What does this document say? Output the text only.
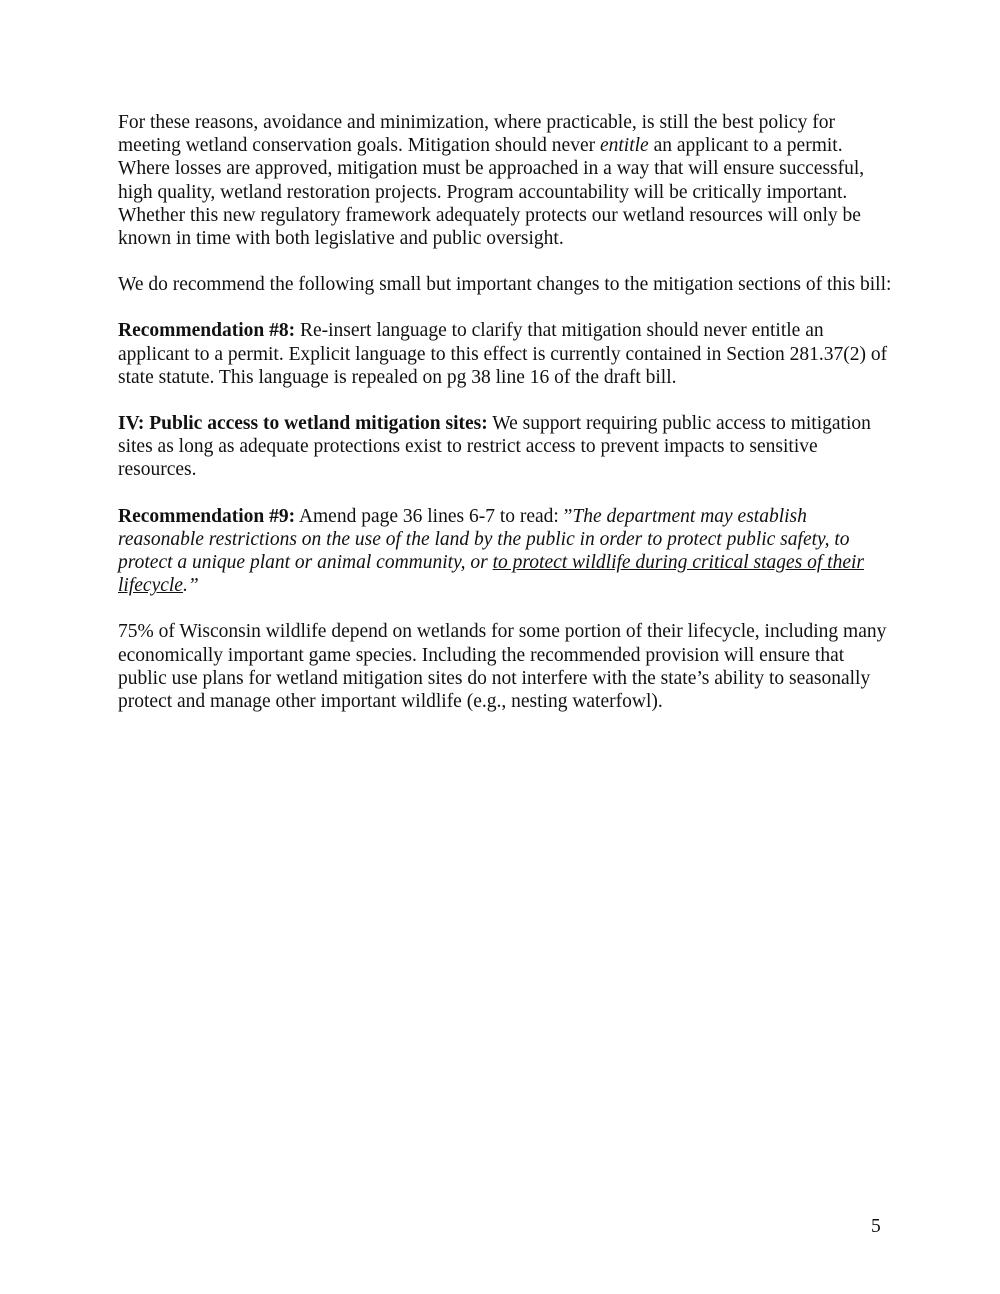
For these reasons, avoidance and minimization, where practicable, is still the best policy for meeting wetland conservation goals. Mitigation should never entitle an applicant to a permit. Where losses are approved, mitigation must be approached in a way that will ensure successful, high quality, wetland restoration projects. Program accountability will be critically important. Whether this new regulatory framework adequately protects our wetland resources will only be known in time with both legislative and public oversight.

We do recommend the following small but important changes to the mitigation sections of this bill:

Recommendation #8: Re-insert language to clarify that mitigation should never entitle an applicant to a permit. Explicit language to this effect is currently contained in Section 281.37(2) of state statute. This language is repealed on pg 38 line 16 of the draft bill.

IV: Public access to wetland mitigation sites: We support requiring public access to mitigation sites as long as adequate protections exist to restrict access to prevent impacts to sensitive resources.

Recommendation #9: Amend page 36 lines 6-7 to read: ”The department may establish reasonable restrictions on the use of the land by the public in order to protect public safety, to protect a unique plant or animal community, or to protect wildlife during critical stages of their lifecycle.”

75% of Wisconsin wildlife depend on wetlands for some portion of their lifecycle, including many economically important game species. Including the recommended provision will ensure that public use plans for wetland mitigation sites do not interfere with the state’s ability to seasonally protect and manage other important wildlife (e.g., nesting waterfowl).

5
